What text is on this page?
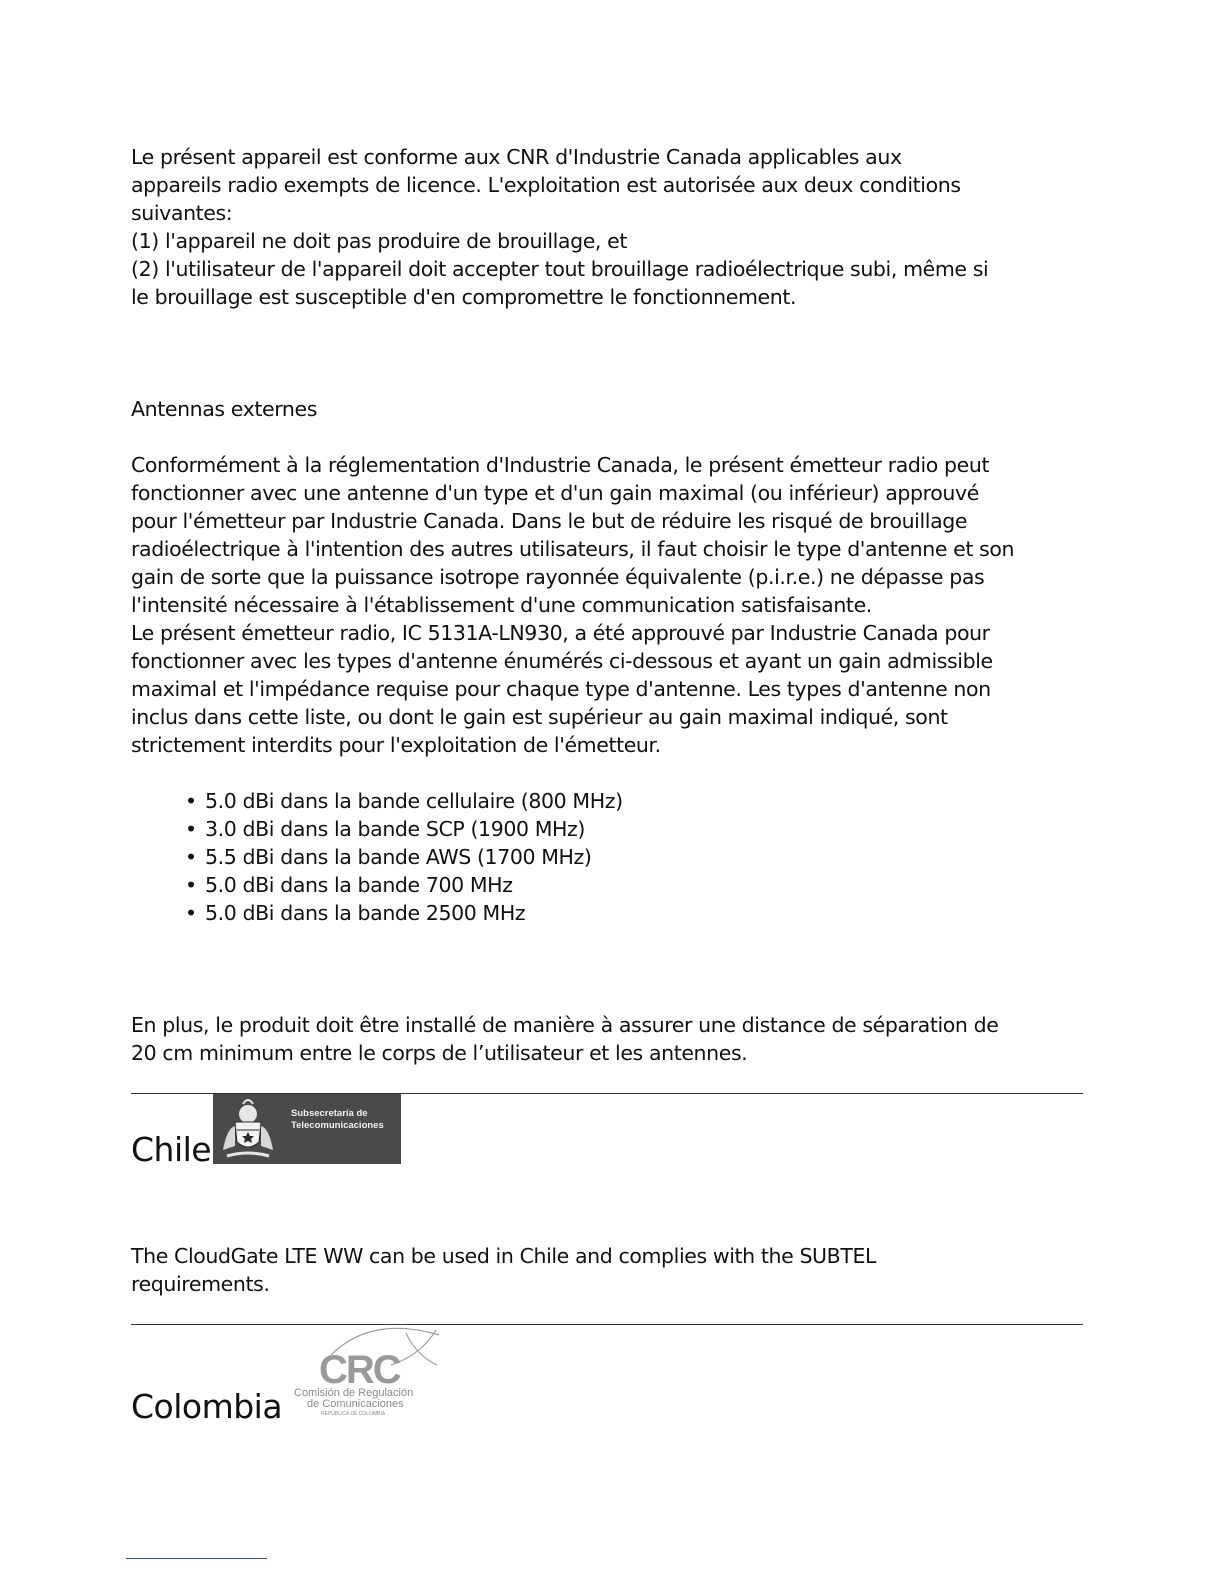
Le présent appareil est conforme aux CNR d'Industrie Canada applicables aux
appareils radio exempts de licence. L'exploitation est autorisée aux deux conditions
suivantes:
(1) l'appareil ne doit pas produire de brouillage, et
(2) l'utilisateur de l'appareil doit accepter tout brouillage radioélectrique subi, même si
le brouillage est susceptible d'en compromettre le fonctionnement.

Antennas externes

Conformément à la réglementation d'Industrie Canada, le présent émetteur radio peut
fonctionner avec une antenne d'un type et d'un gain maximal (ou inférieur) approuvé
pour l'émetteur par Industrie Canada. Dans le but de réduire les risqué de brouillage
radioélectrique à l'intention des autres utilisateurs, il faut choisir le type d'antenne et son
gain de sorte que la puissance isotrope rayonnée équivalente (p.i.r.e.) ne dépasse pas
l'intensité nécessaire à l'établissement d'une communication satisfaisante.
Le présent émetteur radio, IC 5131A-LN930, a été approuvé par Industrie Canada pour
fonctionner avec les types d'antenne énumérés ci-dessous et ayant un gain admissible
maximal et l'impédance requise pour chaque type d'antenne. Les types d'antenne non
inclus dans cette liste, ou dont le gain est supérieur au gain maximal indiqué, sont
strictement interdits pour l'exploitation de l'émetteur.

• 5.0 dBi dans la bande cellulaire (800 MHz)
• 3.0 dBi dans la bande SCP (1900 MHz)
• 5.5 dBi dans la bande AWS (1700 MHz)
• 5.0 dBi dans la bande 700 MHz
• 5.0 dBi dans la bande 2500 MHz

En plus, le produit doit être installé de manière à assurer une distance de séparation de
20 cm minimum entre le corps de l’utilisateur et les antennes.

Chile
Subsecretaría de
Telecomunicaciones

The CloudGate LTE WW can be used in Chile and complies with the SUBTEL
requirements.

Colombia
CRC
Comisión de Regulación
de Comunicaciones
REPÚBLICA DE COLOMBIA
